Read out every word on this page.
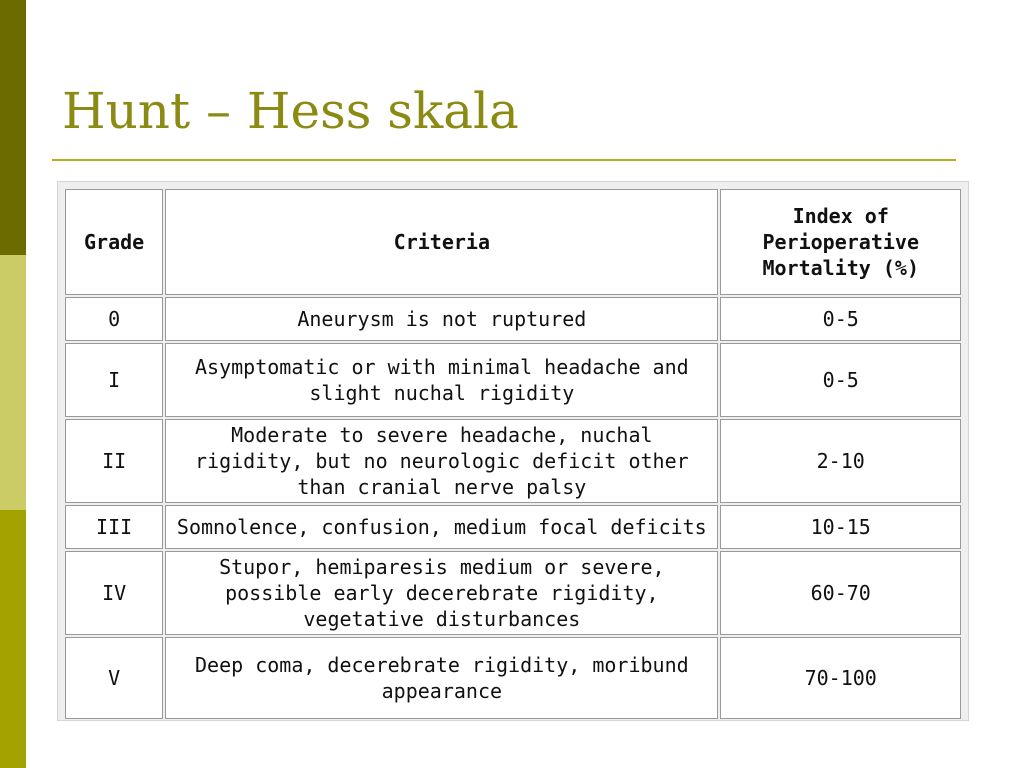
Hunt – Hess skala
Grade	Criteria	Index of Perioperative Mortality (%)
0	Aneurysm is not ruptured	0-5
I	Asymptomatic or with minimal headache and slight nuchal rigidity	0-5
II	Moderate to severe headache, nuchal rigidity, but no neurologic deficit other than cranial nerve palsy	2-10
III	Somnolence, confusion, medium focal deficits	10-15
IV	Stupor, hemiparesis medium or severe, possible early decerebrate rigidity, vegetative disturbances	60-70
V	Deep coma, decerebrate rigidity, moribund appearance	70-100
